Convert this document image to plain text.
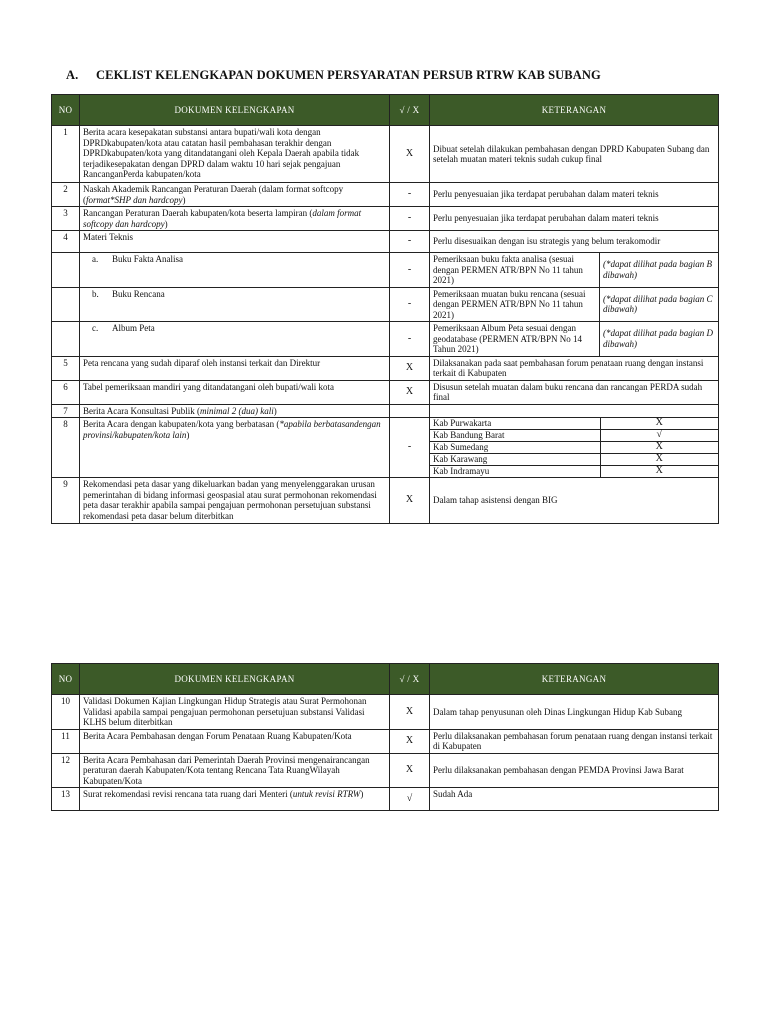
A. CEKLIST KELENGKAPAN DOKUMEN PERSYARATAN PERSUB RTRW KAB SUBANG
NO	DOKUMEN KELENGKAPAN	√ / X	KETERANGAN
1	Berita acara kesepakatan substansi antara bupati/wali kota dengan DPRDkabupaten/kota atau catatan hasil pembahasan terakhir dengan DPRDkabupaten/kota yang ditandatangani oleh Kepala Daerah apabila tidak terjadikesepakatan dengan DPRD dalam waktu 10 hari sejak pengajuan RancanganPerda kabupaten/kota	X	Dibuat setelah dilakukan pembahasan dengan DPRD Kabupaten Subang dan setelah muatan materi teknis sudah cukup final
2	Naskah Akademik Rancangan Peraturan Daerah (dalam format softcopy (format*SHP dan hardcopy)	-	Perlu penyesuaian jika terdapat perubahan dalam materi teknis
3	Rancangan Peraturan Daerah kabupaten/kota beserta lampiran (dalam format softcopy dan hardcopy)	-	Perlu penyesuaian jika terdapat perubahan dalam materi teknis
4	Materi Teknis	-	Perlu disesuaikan dengan isu strategis yang belum terakomodir
	a. Buku Fakta Analisa	-	Pemeriksaan buku fakta analisa (sesuai dengan PERMEN ATR/BPN No 11 tahun 2021)	(*dapat dilihat pada bagian B dibawah)
	b. Buku Rencana	-	Pemeriksaan muatan buku rencana (sesuai dengan PERMEN ATR/BPN No 11 tahun 2021)	(*dapat dilihat pada bagian C dibawah)
	c. Album Peta	-	Pemeriksaan Album Peta sesuai dengan geodatabase (PERMEN ATR/BPN No 14 Tahun 2021)	(*dapat dilihat pada bagian D dibawah)
5	Peta rencana yang sudah diparaf oleh instansi terkait dan Direktur	X	Dilaksanakan pada saat pembahasan forum penataan ruang dengan instansi terkait di Kabupaten
6	Tabel pemeriksaan mandiri yang ditandatangani oleh bupati/wali kota	X	Disusun setelah muatan dalam buku rencana dan rancangan PERDA sudah final
7	Berita Acara Konsultasi Publik (minimal 2 (dua) kali)		
8	Berita Acara dengan kabupaten/kota yang berbatasan (*apabila berbatasandengan provinsi/kabupaten/kota lain)	-	
Kab Purwakarta	X
Kab Bandung Barat	√
Kab Sumedang	X
Kab Karawang	X
Kab Indramayu	X

9	Rekomendasi peta dasar yang dikeluarkan badan yang menyelenggarakan urusan pemerintahan di bidang informasi geospasial atau surat permohonan rekomendasi peta dasar terakhir apabila sampai pengajuan permohonan persetujuan substansi rekomendasi peta dasar belum diterbitkan	X	Dalam tahap asistensi dengan BIG
NO	DOKUMEN KELENGKAPAN	√ / X	KETERANGAN
10	Validasi Dokumen Kajian Lingkungan Hidup Strategis atau Surat Permohonan Validasi apabila sampai pengajuan permohonan persetujuan substansi Validasi KLHS belum diterbitkan	X	Dalam tahap penyusunan oleh Dinas Lingkungan Hidup Kab Subang
11	Berita Acara Pembahasan dengan Forum Penataan Ruang Kabupaten/Kota	X	Perlu dilaksanakan pembahasan forum penataan ruang dengan instansi terkait di Kabupaten
12	Berita Acara Pembahasan dari Pemerintah Daerah Provinsi mengenairancangan peraturan daerah Kabupaten/Kota tentang Rencana Tata RuangWilayah Kabupaten/Kota	X	Perlu dilaksanakan pembahasan dengan PEMDA Provinsi Jawa Barat
13	Surat rekomendasi revisi rencana tata ruang dari Menteri (untuk revisi RTRW)	√	Sudah Ada
